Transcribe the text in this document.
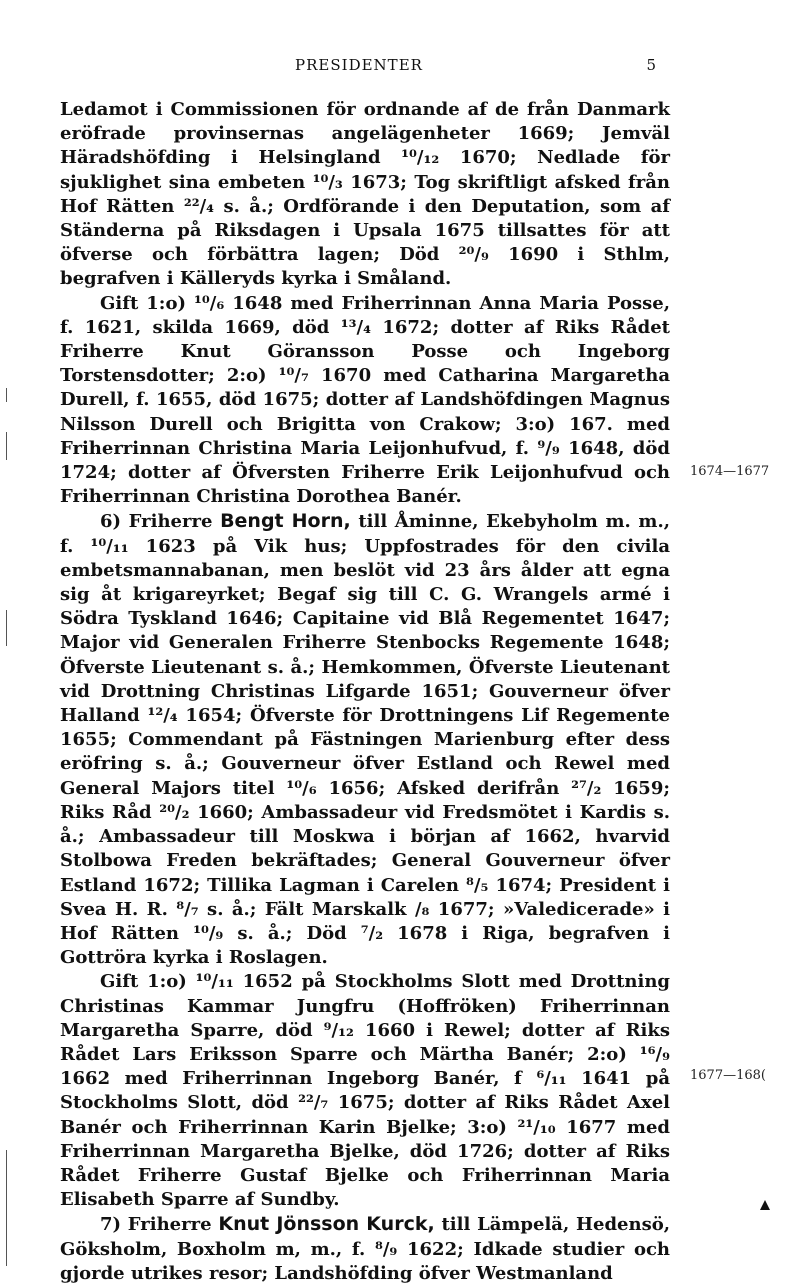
PRESIDENTER	5

Ledamot i Commissionen för ordnande af de från Danmark eröfrade provinsernas angelägenheter 1669; Jemväl Häradshöfding i Helsingland ¹⁰/₁₂ 1670; Nedlade för sjuklighet sina embeten ¹⁰/₃ 1673; Tog skriftligt afsked från Hof Rätten ²²/₄ s. å.; Ordförande i den Deputation, som af Ständerna på Riksdagen i Upsala 1675 tillsattes för att öfverse och förbättra lagen; Död ²⁰/₉ 1690 i Sthlm, begrafven i Källeryds kyrka i Småland.

Gift 1:o) ¹⁰/₆ 1648 med Friherrinnan Anna Maria Posse, f. 1621, skilda 1669, död ¹³/₄ 1672; dotter af Riks Rådet Friherre Knut Göransson Posse och Ingeborg Torstensdotter; 2:o) ¹⁰/₇ 1670 med Catharina Margaretha Durell, f. 1655, död 1675; dotter af Landshöfdingen Magnus Nilsson Durell och Brigitta von Crakow; 3:o) 167. med Friherrinnan Christina Maria Leijonhufvud, f. ⁹/₉ 1648, död 1724; dotter af Öfversten Friherre Erik Leijonhufvud och Friherrinnan Christina Dorothea Banér.

6) Friherre Bengt Horn, till Åminne, Ekebyholm m. m., f. ¹⁰/₁₁ 1623 på Vik hus; Uppfostrades för den civila embetsmannabanan, men beslöt vid 23 års ålder att egna sig åt krigareyrket; Begaf sig till C. G. Wrangels armé i Södra Tyskland 1646; Capitaine vid Blå Regementet 1647; Major vid Generalen Friherre Stenbocks Regemente 1648; Öfverste Lieutenant s. å.; Hemkommen, Öfverste Lieutenant vid Drottning Christinas Lifgarde 1651; Gouverneur öfver Halland ¹²/₄ 1654; Öfverste för Drottningens Lif Regemente 1655; Commendant på Fästningen Marienburg efter dess eröfring s. å.; Gouverneur öfver Estland och Rewel med General Majors titel ¹⁰/₆ 1656; Afsked derifrån ²⁷/₂ 1659; Riks Råd ²⁰/₂ 1660; Ambassadeur vid Fredsmötet i Kardis s. å.; Ambassadeur till Moskwa i början af 1662, hvarvid Stolbowa Freden bekräftades; General Gouverneur öfver Estland 1672; Tillika Lagman i Carelen ⁸/₅ 1674; President i Svea H. R. ⁸/₇ s. å.; Fält Marskalk /₈ 1677; »Valedicerade» i Hof Rätten ¹⁰/₉ s. å.; Död ⁷/₂ 1678 i Riga, begrafven i Gottröra kyrka i Roslagen.

Gift 1:o) ¹⁰/₁₁ 1652 på Stockholms Slott med Drottning Christinas Kammar Jungfru (Hoffröken) Friherrinnan Margaretha Sparre, död ⁹/₁₂ 1660 i Rewel; dotter af Riks Rådet Lars Eriksson Sparre och Märtha Banér; 2:o) ¹⁶/₉ 1662 med Friherrinnan Ingeborg Banér, f ⁶/₁₁ 1641 på Stockholms Slott, död ²²/₇ 1675; dotter af Riks Rådet Axel Banér och Friherrinnan Karin Bjelke; 3:o) ²¹/₁₀ 1677 med Friherrinnan Margaretha Bjelke, död 1726; dotter af Riks Rådet Friherre Gustaf Bjelke och Friherrinnan Maria Elisabeth Sparre af Sundby.

7) Friherre Knut Jönsson Kurck, till Lämpelä, Hedensö, Göksholm, Boxholm m, m., f. ⁸/₉ 1622; Idkade studier och gjorde utrikes resor; Landshöfding öfver Westmanland

1674—1677
1677—168(
